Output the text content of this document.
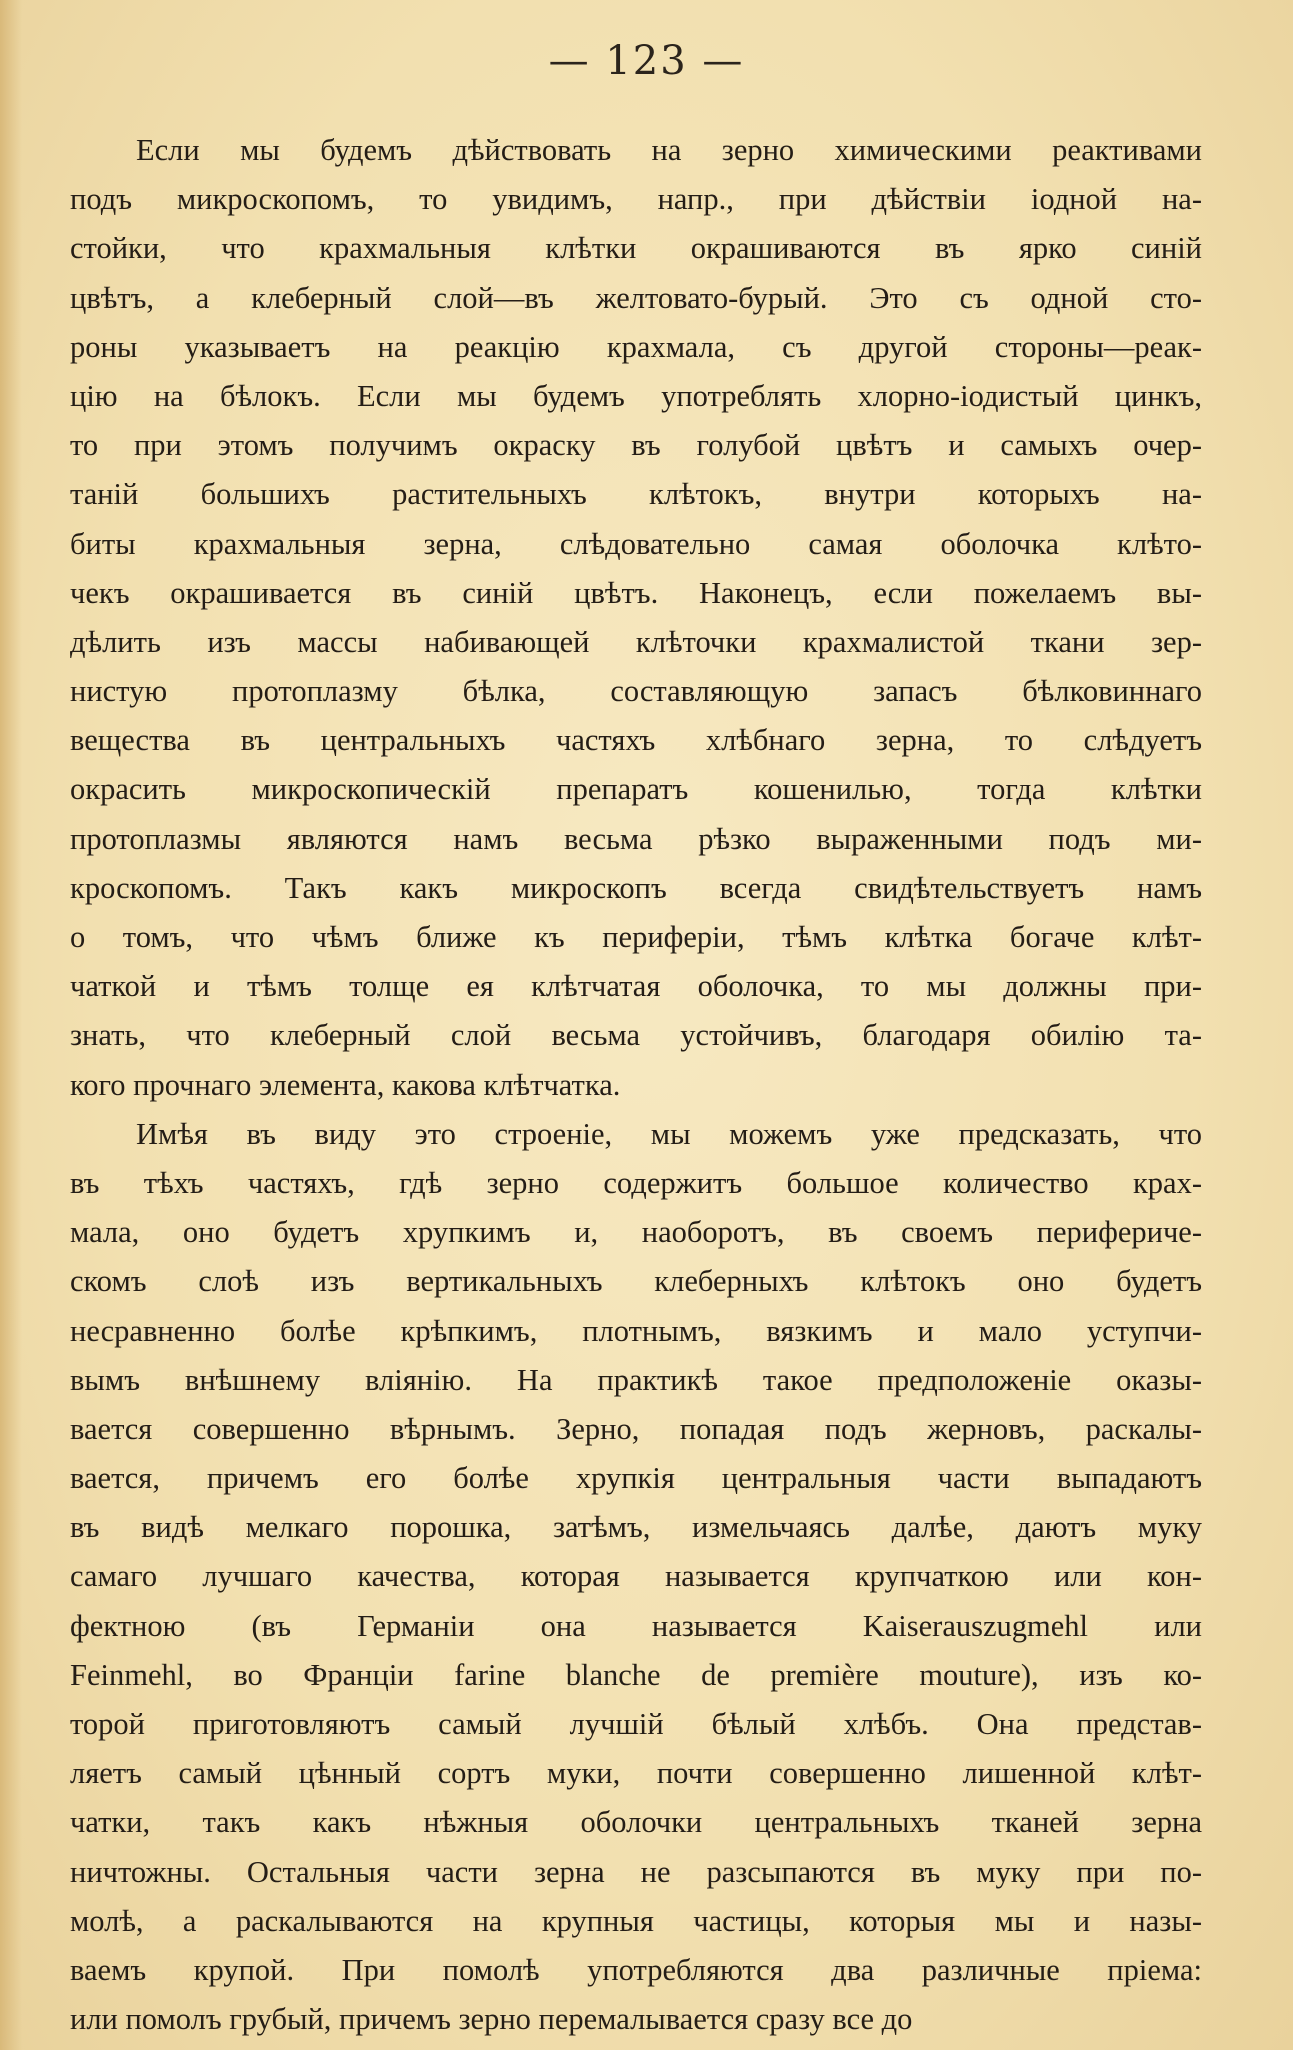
— 123 —
Если мы будемъ дѣйствовать на зерно химическими реактивами
подъ микроскопомъ, то увидимъ, напр., при дѣйствiи iодной на-
стойки, что крахмальныя клѣтки окрашиваются въ ярко синiй
цвѣтъ, а клеберный слой—въ желтовато-бурый. Это съ одной сто-
роны указываетъ на реакцiю крахмала, съ другой стороны—реак-
цiю на бѣлокъ. Если мы будемъ употреблять хлорно-iодистый цинкъ,
то при этомъ получимъ окраску въ голубой цвѣтъ и самыхъ очер-
танiй большихъ растительныхъ клѣтокъ, внутри которыхъ на-
биты крахмальныя зерна, слѣдовательно самая оболочка клѣто-
чекъ окрашивается въ синiй цвѣтъ. Наконецъ, если пожелаемъ вы-
дѣлить изъ массы набивающей клѣточки крахмалистой ткани зер-
нистую протоплазму бѣлка, составляющую запасъ бѣлковиннаго
вещества въ центральныхъ частяхъ хлѣбнаго зерна, то слѣдуетъ
окрасить микроскопическiй препаратъ кошенилью, тогда клѣтки
протоплазмы являются намъ весьма рѣзко выраженными подъ ми-
кроскопомъ. Такъ какъ микроскопъ всегда свидѣтельствуетъ намъ
о томъ, что чѣмъ ближе къ периферiи, тѣмъ клѣтка богаче клѣт-
чаткой и тѣмъ толще ея клѣтчатая оболочка, то мы должны при-
знать, что клеберный слой весьма устойчивъ, благодаря обилiю та-
кого прочнаго элемента, какова клѣтчатка.
Имѣя въ виду это строенiе, мы можемъ уже предсказать, что
въ тѣхъ частяхъ, гдѣ зерно содержитъ большое количество крах-
мала, оно будетъ хрупкимъ и, наоборотъ, въ своемъ периферичe-
скомъ слоѣ изъ вертикальныхъ клеберныхъ клѣтокъ оно будетъ
несравненно болѣе крѣпкимъ, плотнымъ, вязкимъ и мало уступчи-
вымъ внѣшнему влiянiю. На практикѣ такое предположенiе оказы-
вается совершенно вѣрнымъ. Зерно, попадая подъ жерновъ, раскалы-
вается, причемъ его болѣе хрупкiя центральныя части выпадаютъ
въ видѣ мелкаго порошка, затѣмъ, измельчаясь далѣе, даютъ муку
самаго лучшаго качества, которая называется крупчаткою или кон-
фектною (въ Германiи она называется Kaiserauszugmehl или
Feinmehl, во Францiи farine blanche de première mouture), изъ ко-
торой приготовляютъ самый лучшiй бѣлый хлѣбъ. Она представ-
ляетъ самый цѣнный сортъ муки, почти совершенно лишенной клѣт-
чатки, такъ какъ нѣжныя оболочки центральныхъ тканей зерна
ничтожны. Остальныя части зерна не разсыпаются въ муку при по-
молѣ, а раскалываются на крупныя частицы, которыя мы и назы-
ваемъ крупой. При помолѣ употребляются два различные прiема:
или помолъ грубый, причемъ зерно перемалывается сразу все до
